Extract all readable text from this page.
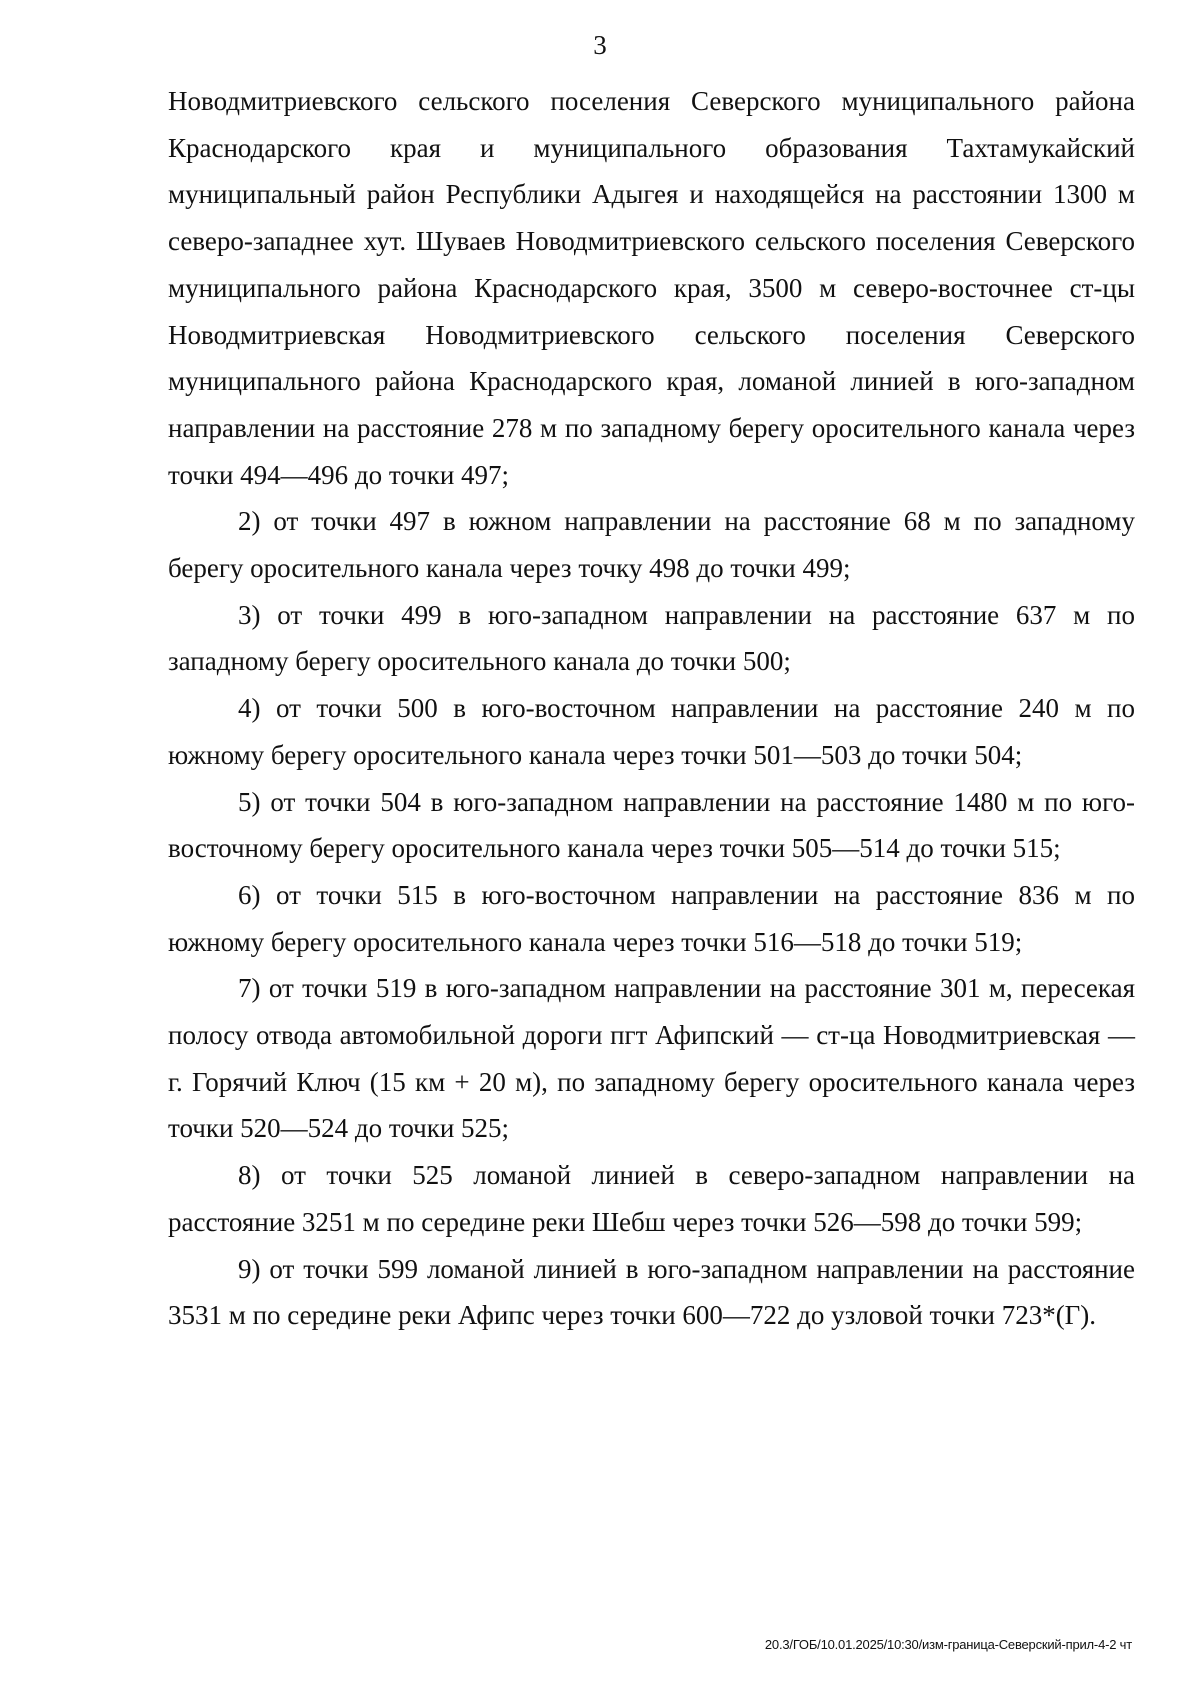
3

Новодмитриевского сельского поселения Северского муниципального района Краснодарского края и муниципального образования Тахтамукайский муниципальный район Республики Адыгея и находящейся на расстоянии 1300 м северо-западнее хут. Шуваев Новодмитриевского сельского поселения Северского муниципального района Краснодарского края, 3500 м северо-восточнее ст-цы Новодмитриевская Новодмитриевского сельского поселения Северского муниципального района Краснодарского края, ломаной линией в юго-западном направлении на расстояние 278 м по западному берегу оросительного канала через точки 494—496 до точки 497;

2) от точки 497 в южном направлении на расстояние 68 м по западному берегу оросительного канала через точку 498 до точки 499;

3) от точки 499 в юго-западном направлении на расстояние 637 м по западному берегу оросительного канала до точки 500;

4) от точки 500 в юго-восточном направлении на расстояние 240 м по южному берегу оросительного канала через точки 501—503 до точки 504;

5) от точки 504 в юго-западном направлении на расстояние 1480 м по юго-восточному берегу оросительного канала через точки 505—514 до точки 515;

6) от точки 515 в юго-восточном направлении на расстояние 836 м по южному берегу оросительного канала через точки 516—518 до точки 519;

7) от точки 519 в юго-западном направлении на расстояние 301 м, пересекая полосу отвода автомобильной дороги пгт Афипский — ст-ца Новодмитриевская — г. Горячий Ключ (15 км + 20 м), по западному берегу оросительного канала через точки 520—524 до точки 525;

8) от точки 525 ломаной линией в северо-западном направлении на расстояние 3251 м по середине реки Шебш через точки 526—598 до точки 599;

9) от точки 599 ломаной линией в юго-западном направлении на расстояние 3531 м по середине реки Афипс через точки 600—722 до узловой точки 723*(Г).

20.3/ГОБ/10.01.2025/10:30/изм-граница-Северский-прил-4-2 чт
